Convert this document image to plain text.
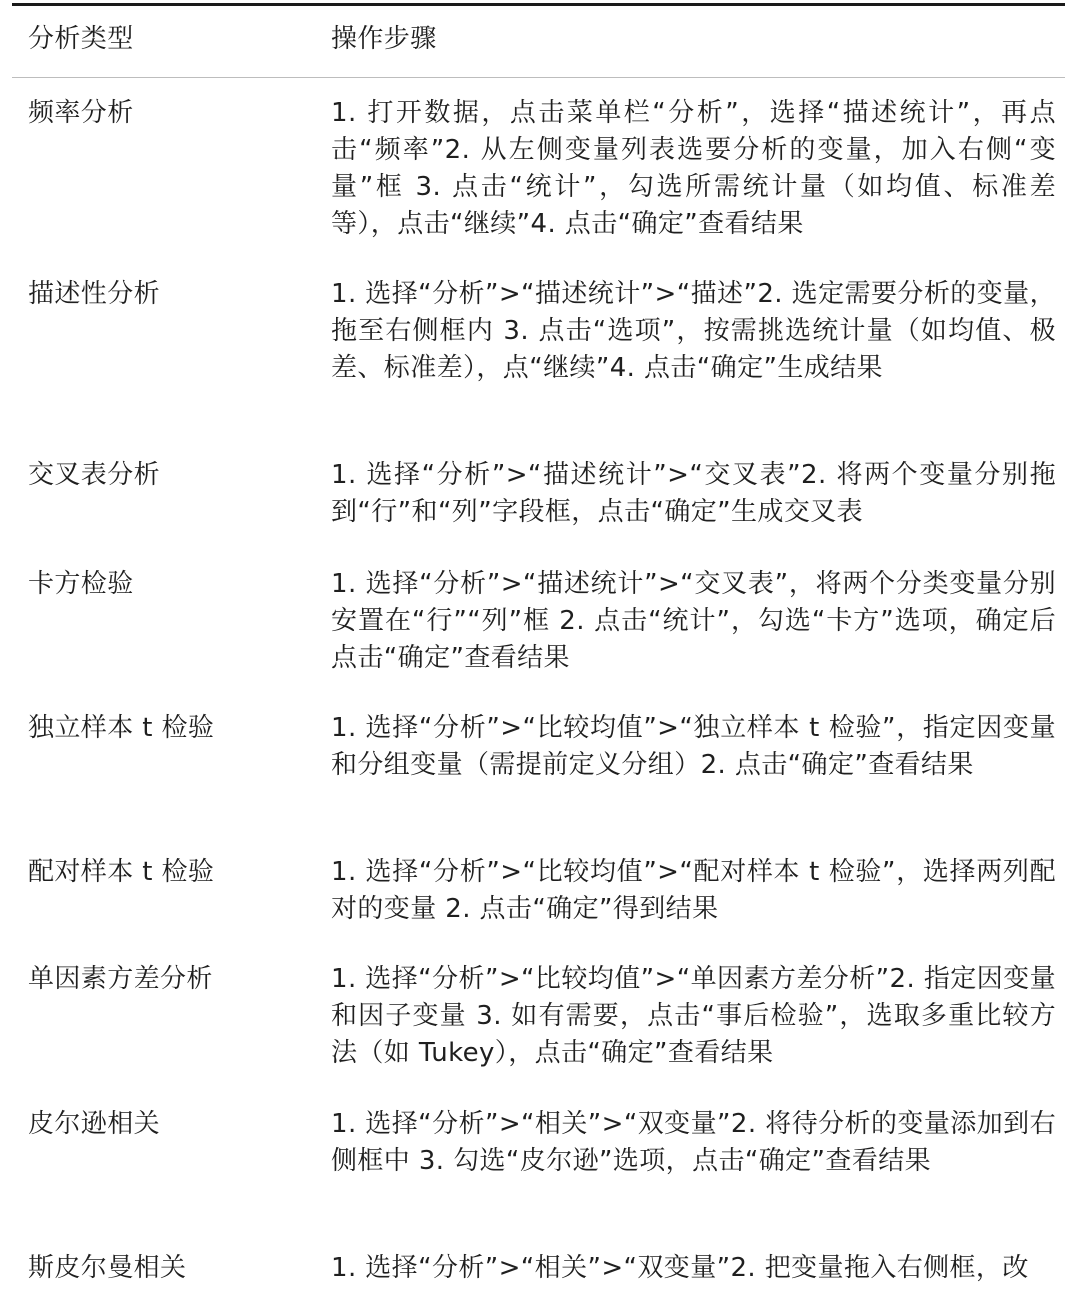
分析类型	操作步骤
频率分析	1. 打开数据，点击菜单栏“分析”，选择“描述统计”，再点击“频率”2. 从左侧变量列表选要分析的变量，加入右侧“变量”框 3. 点击“统计”，勾选所需统计量（如均值、标准差等），点击“继续”4. 点击“确定”查看结果
描述性分析	1. 选择“分析”>“描述统计”>“描述”2. 选定需要分析的变量，拖至右侧框内 3. 点击“选项”，按需挑选统计量（如均值、极差、标准差），点“继续”4. 点击“确定”生成结果
交叉表分析	1. 选择“分析”>“描述统计”>“交叉表”2. 将两个变量分别拖到“行”和“列”字段框，点击“确定”生成交叉表
卡方检验	1. 选择“分析”>“描述统计”>“交叉表”，将两个分类变量分别安置在“行”“列”框 2. 点击“统计”，勾选“卡方”选项，确定后点击“确定”查看结果
独立样本 t 检验	1. 选择“分析”>“比较均值”>“独立样本 t 检验”，指定因变量和分组变量（需提前定义分组）2. 点击“确定”查看结果
配对样本 t 检验	1. 选择“分析”>“比较均值”>“配对样本 t 检验”，选择两列配对的变量 2. 点击“确定”得到结果
单因素方差分析	1. 选择“分析”>“比较均值”>“单因素方差分析”2. 指定因变量和因子变量 3. 如有需要，点击“事后检验”，选取多重比较方法（如 Tukey），点击“确定”查看结果
皮尔逊相关	1. 选择“分析”>“相关”>“双变量”2. 将待分析的变量添加到右侧框中 3. 勾选“皮尔逊”选项，点击“确定”查看结果
斯皮尔曼相关	1. 选择“分析”>“相关”>“双变量”2. 把变量拖入右侧框，改
